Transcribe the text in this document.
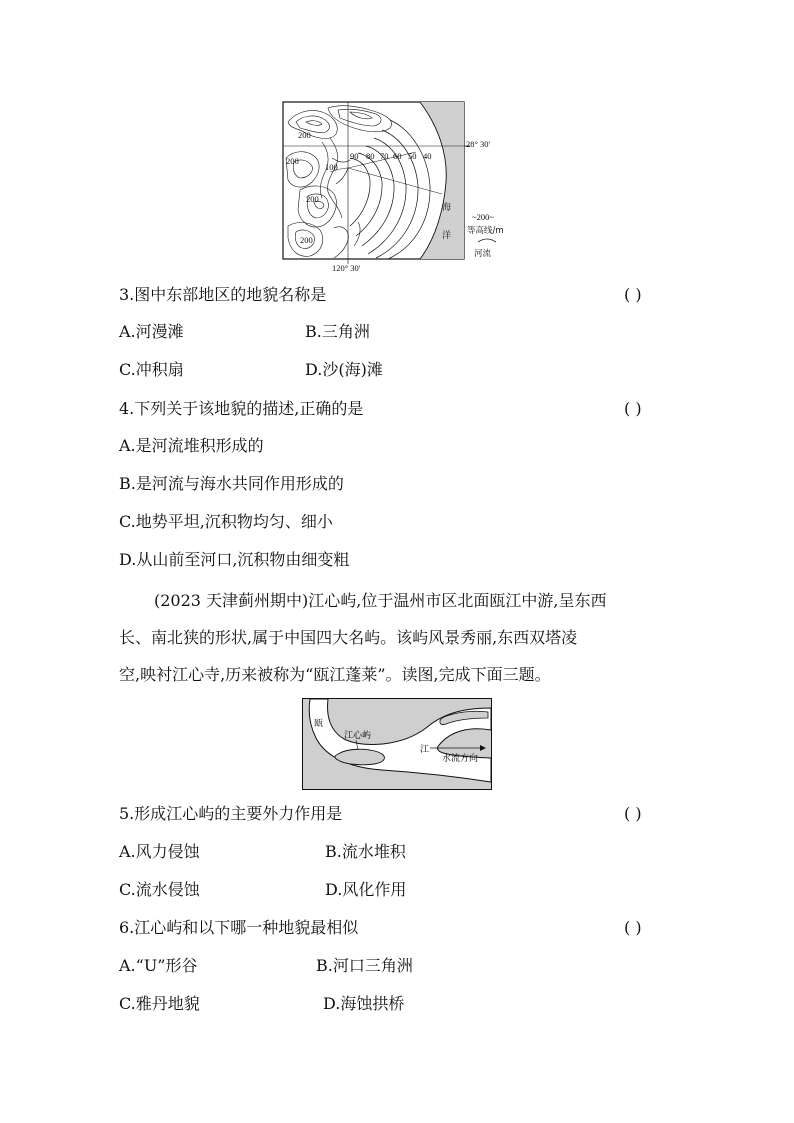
200
200
100
200
200
90 80 70 60 50 40
28° 30′
120° 30′
海
洋
~200~
等高线/m
河流
3.图中东部地区的地貌名称是	( )
A.河漫滩	B.三角洲
C.冲积扇	D.沙(海)滩
4.下列关于该地貌的描述,正确的是	( )
A.是河流堆积形成的
B.是河流与海水共同作用形成的
C.地势平坦,沉积物均匀、细小
D.从山前至河口,沉积物由细变粗
(2023 天津蓟州期中)江心屿,位于温州市区北面瓯江中游,呈东西
长、南北狭的形状,属于中国四大名屿。该屿风景秀丽,东西双塔凌
空,映衬江心寺,历来被称为“瓯江蓬莱”。读图,完成下面三题。
瓯
江心屿
江
水流方向
5.形成江心屿的主要外力作用是	( )
A.风力侵蚀	B.流水堆积
C.流水侵蚀	D.风化作用
6.江心屿和以下哪一种地貌最相似	( )
A.“U”形谷	B.河口三角洲
C.雅丹地貌	D.海蚀拱桥
